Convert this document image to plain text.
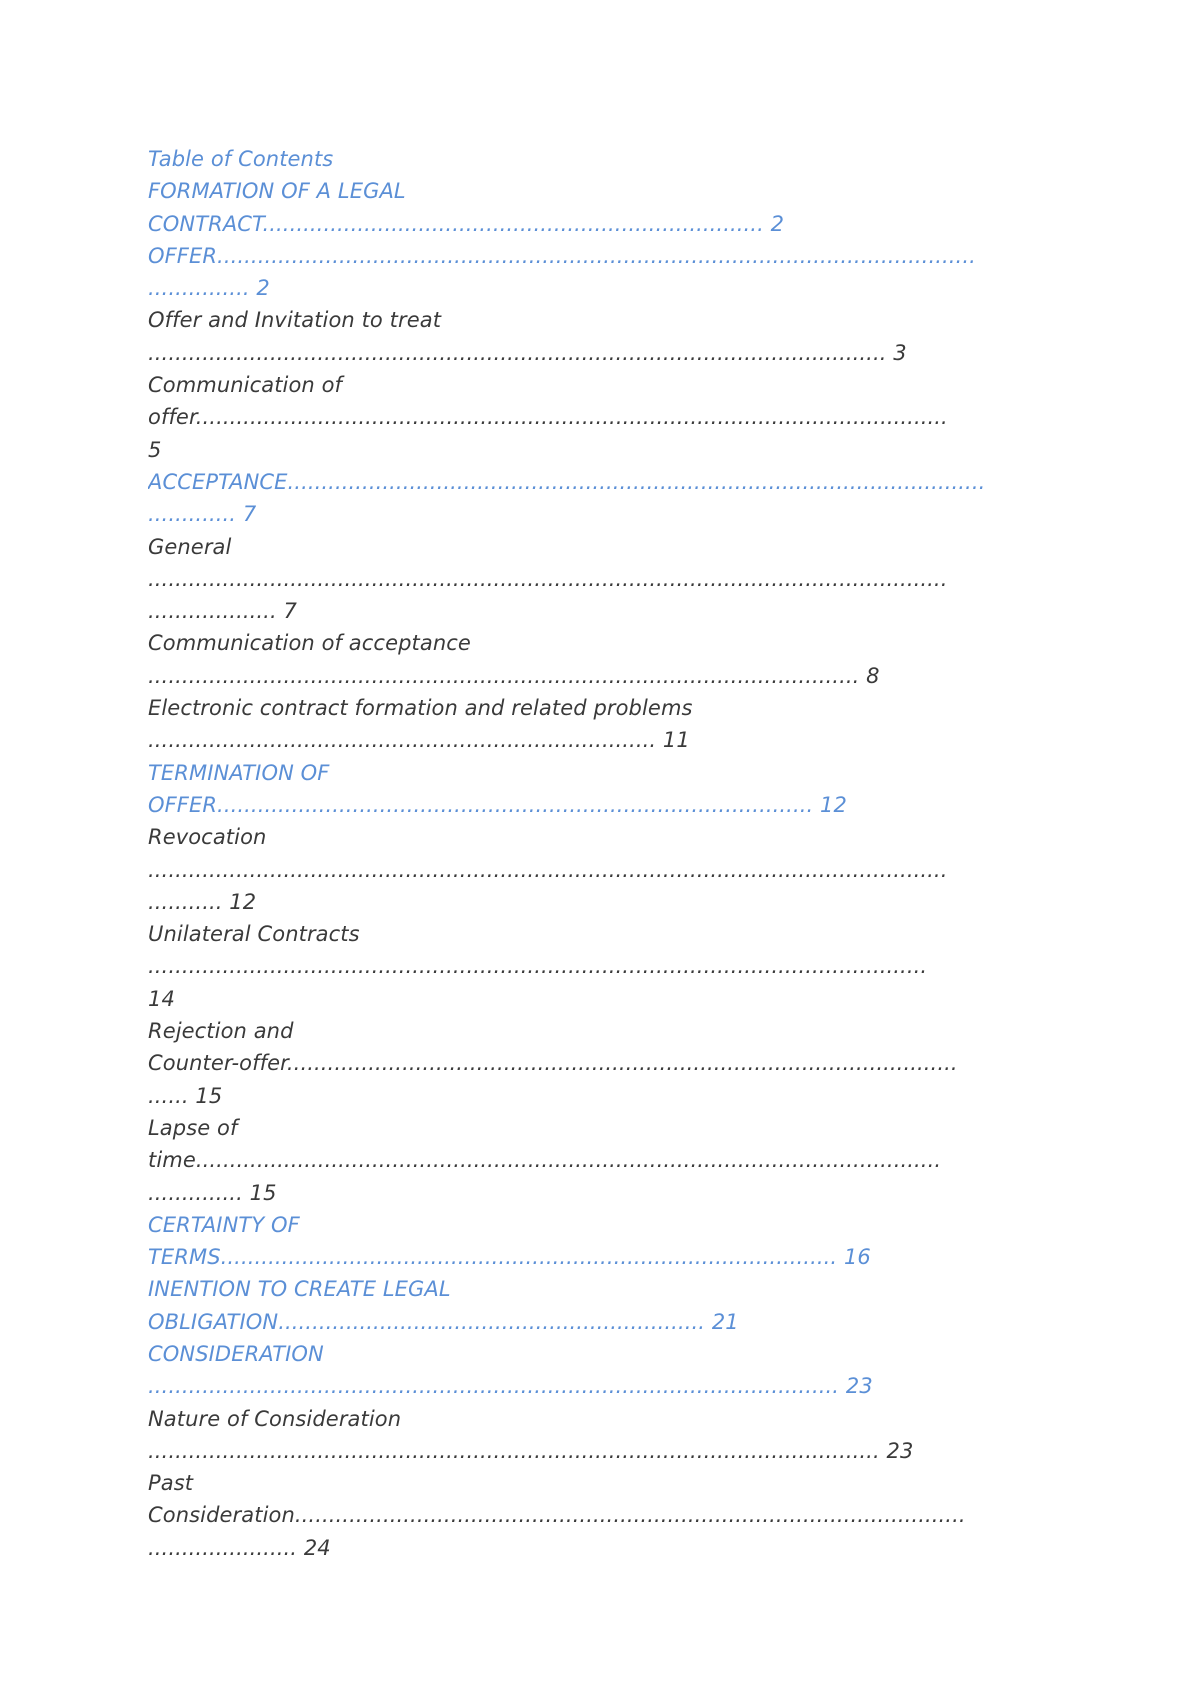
Table of Contents
FORMATION OF A LEGAL
CONTRACT.......................................................................... 2
OFFER................................................................................................................
............... 2
Offer and Invitation to treat
............................................................................................................. 3
Communication of
offer...............................................................................................................
5
ACCEPTANCE.......................................................................................................
............. 7
General
......................................................................................................................
................... 7
Communication of acceptance
......................................................................................................... 8
Electronic contract formation and related problems
........................................................................... 11
TERMINATION OF
OFFER........................................................................................ 12
Revocation
......................................................................................................................
........... 12
Unilateral Contracts
...................................................................................................................
14
Rejection and
Counter-offer...................................................................................................
...... 15
Lapse of
time..............................................................................................................
.............. 15
CERTAINTY OF
TERMS........................................................................................... 16
INENTION TO CREATE LEGAL
OBLIGATION............................................................... 21
CONSIDERATION
...................................................................................................... 23
Nature of Consideration
............................................................................................................ 23
Past
Consideration...................................................................................................
...................... 24
